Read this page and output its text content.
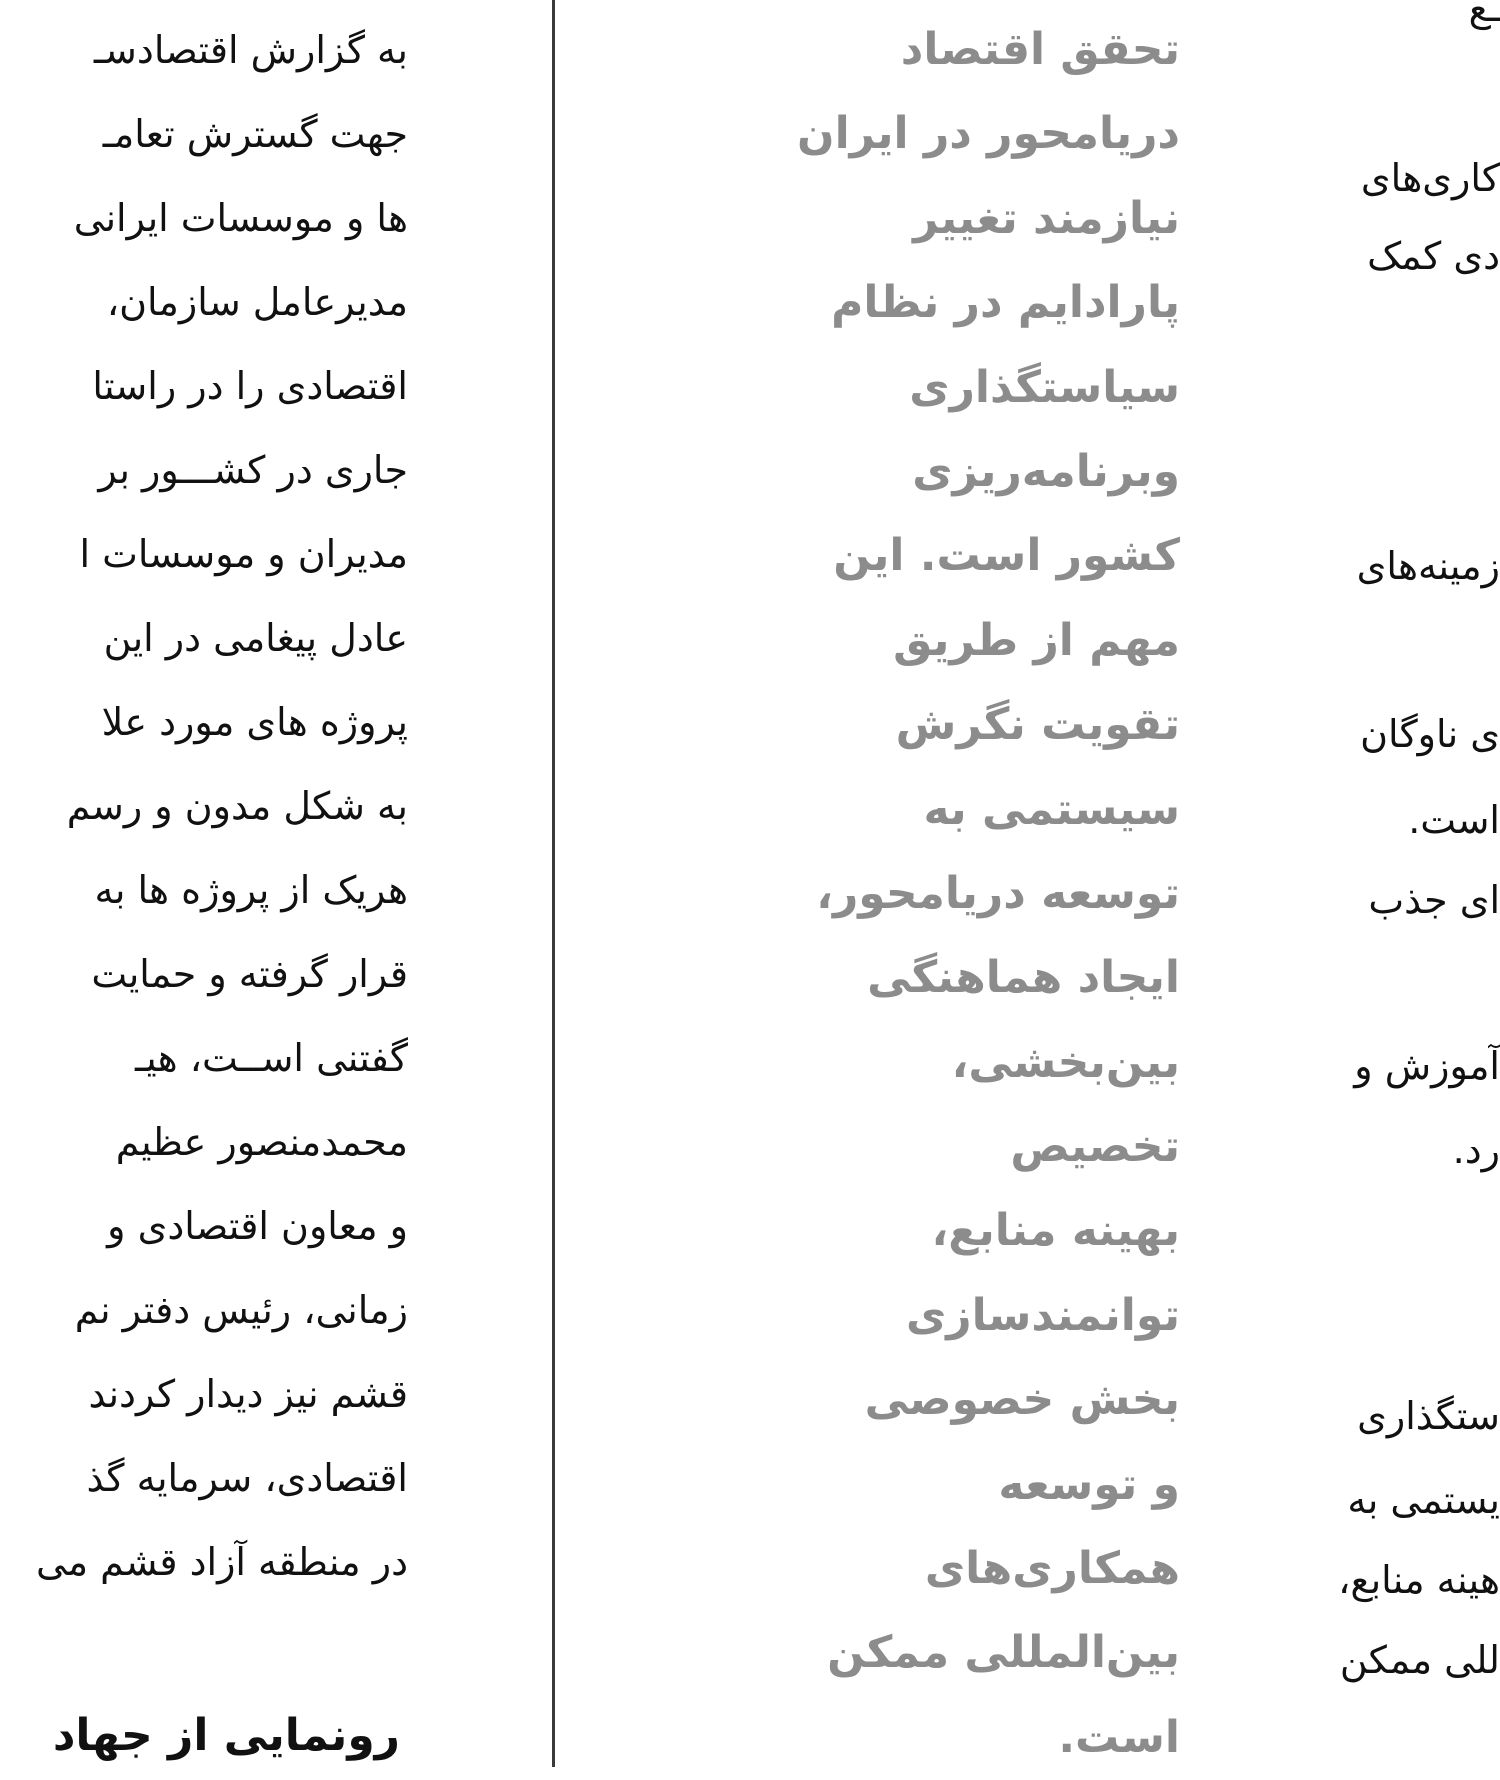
به گزارش اقتصادسـ
جهت گسترش تعامـ
ها و موسسات ایرانی
مدیرعامل سازمان،
اقتصادی را در راستا
جاری در کشـــور بر
مدیران و موسسات ا
عادل پیغامی در این
پروژه های مورد علا
به شکل مدون و رسم
هریک از پروژه ها به
قرار گرفته و حمایت
گفتنی اســت، هیـ
محمدمنصور عظیم
و معاون اقتصادی و
زمانی، رئیس دفتر نم
قشم نیز دیدار کردند
اقتصادی، سرمایه گذ
در منطقه آزاد قشم می
رونمایی از جهاد
تحقق اقتصاد
دریامحور در ایران
نیازمند تغییر
پارادایم در نظام
سیاستگذاری
وبرنامه‌ریزی
کشور است. این
مهم از طریق
تقویت نگرش
سیستمی به
توسعه دریامحور،
ایجاد هماهنگی
بین‌بخشی،
تخصیص
بهینه منابع،
توانمندسازی
بخش خصوصی
و توسعه
همکاری‌های
بین‌المللی ممکن
است.
ـع
کاری‌های
دی کمک
زمینه‌های
ی ناوگان
است.
ای جذب
آموزش و
رد.
ستگذاری
یستمی به
هینه منابع،
للی ممکن
